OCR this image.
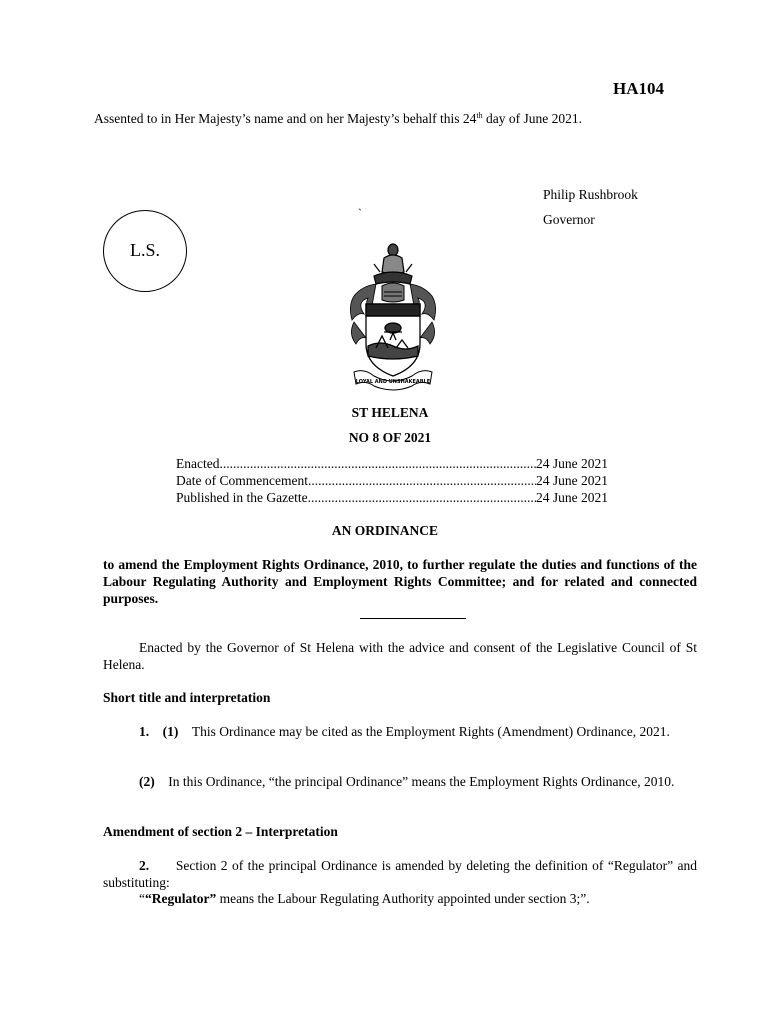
HA104
Assented to in Her Majesty’s name and on her Majesty’s behalf this 24th day of June 2021.
Philip Rushbrook
`	Governor
L.S.
LOYAL AND UNSHAKEABLE
ST HELENA
NO 8 OF 2021
Enacted .....	24 June 2021
Date of Commencement .....	24 June 2021
Published in the Gazette .....	24 June 2021
AN ORDINANCE
to amend the Employment Rights Ordinance, 2010, to further regulate the duties and functions of the Labour Regulating Authority and Employment Rights Committee; and for related and connected purposes.
Enacted by the Governor of St Helena with the advice and consent of the Legislative Council of St Helena.
Short title and interpretation
1. (1) This Ordinance may be cited as the Employment Rights (Amendment) Ordinance, 2021.
(2) In this Ordinance, “the principal Ordinance” means the Employment Rights Ordinance, 2010.
Amendment of section 2 – Interpretation
2. Section 2 of the principal Ordinance is amended by deleting the definition of “Regulator” and substituting:
““Regulator” means the Labour Regulating Authority appointed under section 3;”.
